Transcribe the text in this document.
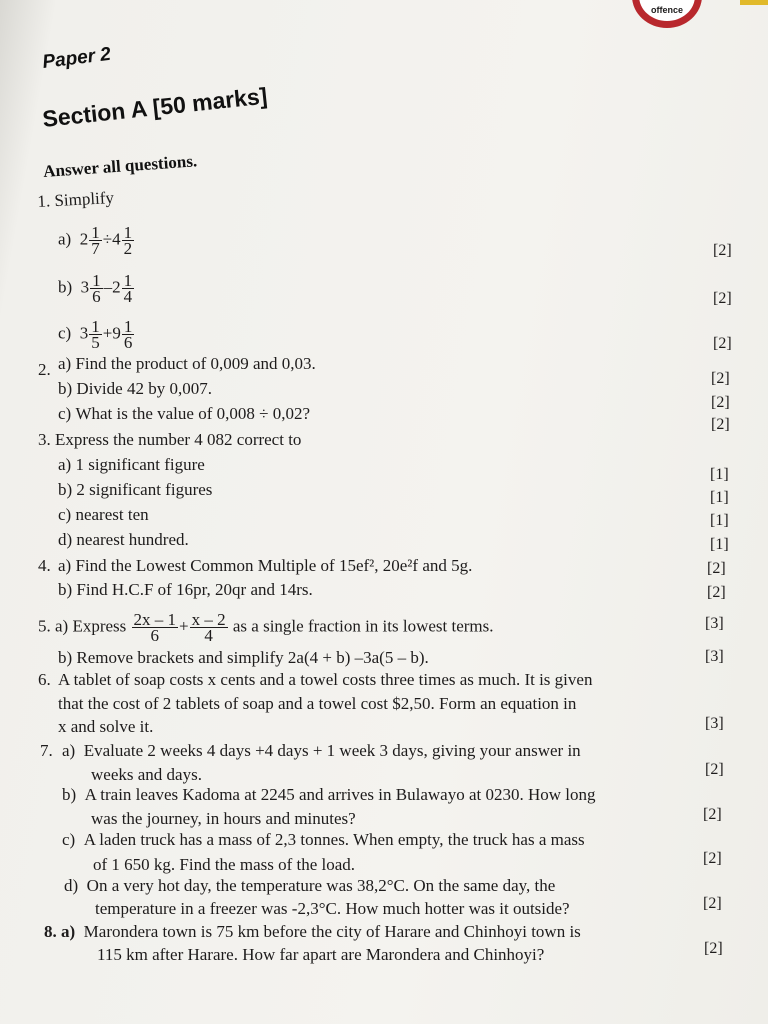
offence
Paper 2
Section A [50 marks]
Answer all questions.
1. Simplify
a) $2 \frac{1}{7} \div 4 \frac{1}{2}$	[2]
b) $3 \frac{1}{6} -2 \frac{1}{4}$	[2]
c) $3 \frac{1}{5} +9 \frac{1}{6}$	[2]
2. a) Find the product of 0,009 and 0,03.
[2]
b) Divide 42 by 0,007.
[2]
c) What is the value of 0,008 ÷ 0,02?
[2]
3. Express the number 4 082 correct to
a) 1 significant figure
[1]
b) 2 significant figures	[1]
c) nearest ten	[1]
d) nearest hundred.	[1]
4. a) Find the Lowest Common Multiple of 15ef², 20e²f and 5g.	[2]
b) Find H.C.F of 16pr, 20qr and 14rs.	[2]
5. a) Express $\frac{2x - 1}{6} + \frac{x - 2}{4}$ as a single fraction in its lowest terms.	[3]
b) Remove brackets and simplify 2a(4 + b) –3a(5 – b).	[3]
6. A tablet of soap costs x cents and a towel costs three times as much. It is given
that the cost of 2 tablets of soap and a towel cost $2,50. Form an equation in
x and solve it.	[3]
7. a) Evaluate 2 weeks 4 days +4 days + 1 week 3 days, giving your answer in
weeks and days.	[2]
b) A train leaves Kadoma at 2245 and arrives in Bulawayo at 0230. How long
was the journey, in hours and minutes?	[2]
c) A laden truck has a mass of 2,3 tonnes. When empty, the truck has a mass
of 1 650 kg. Find the mass of the load.	[2]
d) On a very hot day, the temperature was 38,2°C. On the same day, the
temperature in a freezer was -2,3°C. How much hotter was it outside?	[2]
8. a) Marondera town is 75 km before the city of Harare and Chinhoyi town is
115 km after Harare. How far apart are Marondera and Chinhoyi?	[2]
